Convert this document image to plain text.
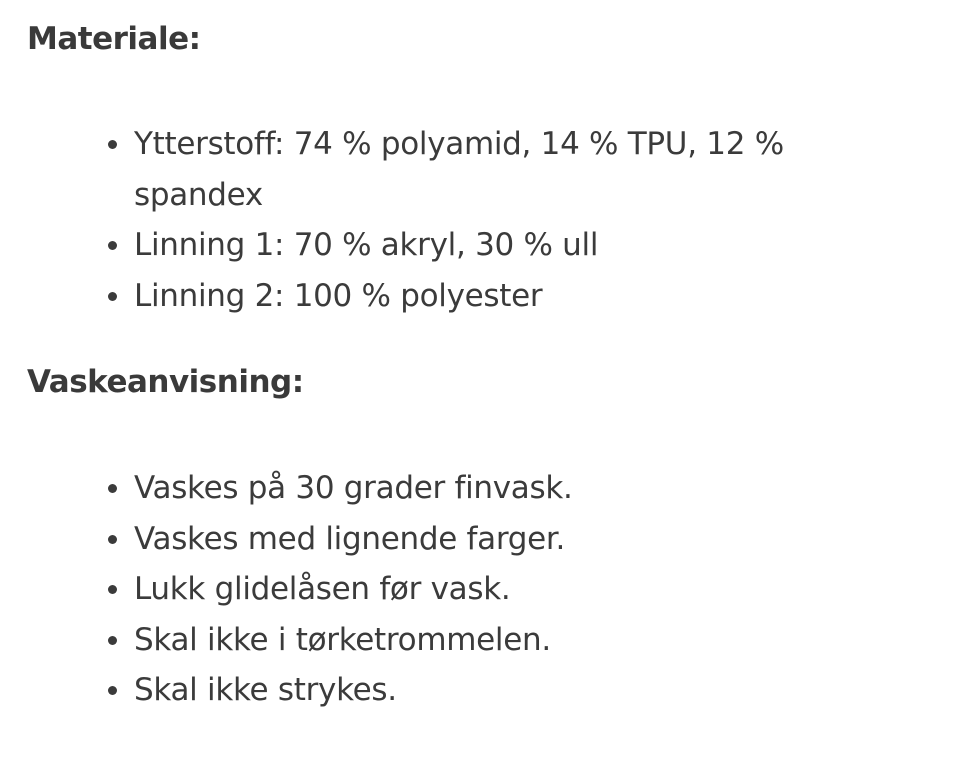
Materiale:
Ytterstoff: 74 % polyamid, 14 % TPU, 12 % spandex
Linning 1: 70 % akryl, 30 % ull
Linning 2: 100 % polyester
Vaskeanvisning:
Vaskes på 30 grader finvask.
Vaskes med lignende farger.
Lukk glidelåsen før vask.
Skal ikke i tørketrommelen.
Skal ikke strykes.
